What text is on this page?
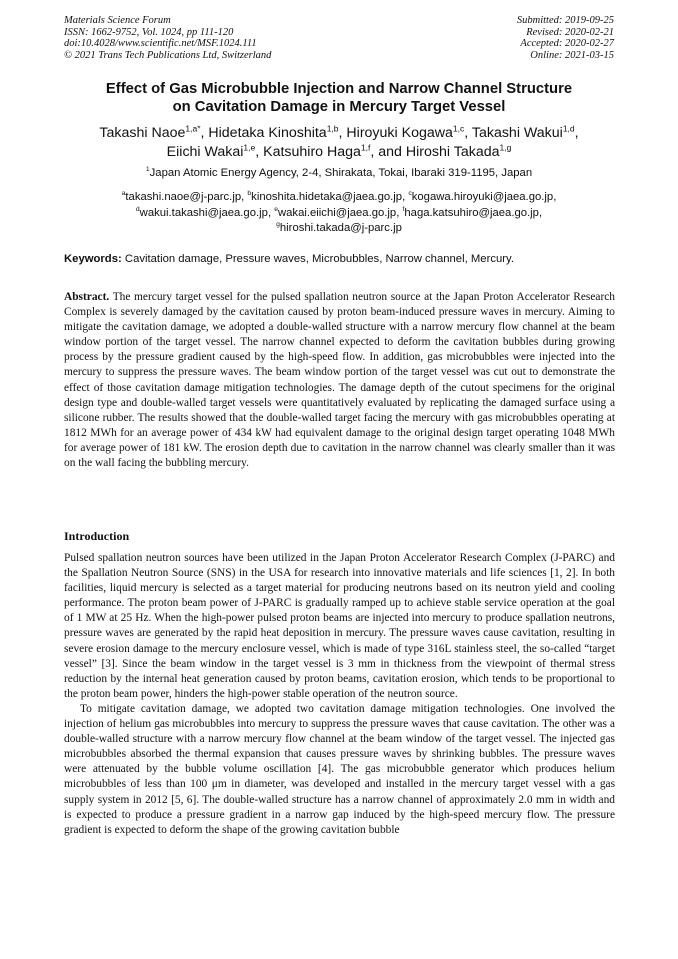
Materials Science Forum
ISSN: 1662-9752, Vol. 1024, pp 111-120
doi:10.4028/www.scientific.net/MSF.1024.111
© 2021 Trans Tech Publications Ltd, Switzerland
Submitted: 2019-09-25
Revised: 2020-02-21
Accepted: 2020-02-27
Online: 2021-03-15
Effect of Gas Microbubble Injection and Narrow Channel Structure
on Cavitation Damage in Mercury Target Vessel
Takashi Naoe$^{1,a*}$, Hidetaka Kinoshita$^{1,b}$, Hiroyuki Kogawa$^{1,c}$, Takashi Wakui$^{1,d}$,
Eiichi Wakai$^{1,e}$, Katsuhiro Haga$^{1,f}$, and Hiroshi Takada$^{1,g}$
$^1$Japan Atomic Energy Agency, 2-4, Shirakata, Tokai, Ibaraki 319-1195, Japan
$^a$takashi.naoe@j-parc.jp, $^b$kinoshita.hidetaka@jaea.go.jp, $^c$kogawa.hiroyuki@jaea.go.jp,
$^d$wakui.takashi@jaea.go.jp, $^e$wakai.eiichi@jaea.go.jp, $^f$haga.katsuhiro@jaea.go.jp,
$^g$hiroshi.takada@j-parc.jp
Keywords: Cavitation damage, Pressure waves, Microbubbles, Narrow channel, Mercury.
Abstract. The mercury target vessel for the pulsed spallation neutron source at the Japan Proton Accelerator Research Complex is severely damaged by the cavitation caused by proton beam-induced pressure waves in mercury. Aiming to mitigate the cavitation damage, we adopted a double-walled structure with a narrow mercury flow channel at the beam window portion of the target vessel. The narrow channel expected to deform the cavitation bubbles during growing process by the pressure gradient caused by the high-speed flow. In addition, gas microbubbles were injected into the mercury to suppress the pressure waves. The beam window portion of the target vessel was cut out to demonstrate the effect of those cavitation damage mitigation technologies. The damage depth of the cutout specimens for the original design type and double-walled target vessels were quantitatively evaluated by replicating the damaged surface using a silicone rubber. The results showed that the double-walled target facing the mercury with gas microbubbles operating at 1812 MWh for an average power of 434 kW had equivalent damage to the original design target operating 1048 MWh for average power of 181 kW. The erosion depth due to cavitation in the narrow channel was clearly smaller than it was on the wall facing the bubbling mercury.
Introduction

Pulsed spallation neutron sources have been utilized in the Japan Proton Accelerator Research Complex (J-PARC) and the Spallation Neutron Source (SNS) in the USA for research into innovative materials and life sciences [1, 2]. In both facilities, liquid mercury is selected as a target material for producing neutrons based on its neutron yield and cooling performance. The proton beam power of J-PARC is gradually ramped up to achieve stable service operation at the goal of 1 MW at 25 Hz. When the high-power pulsed proton beams are injected into mercury to produce spallation neutrons, pressure waves are generated by the rapid heat deposition in mercury. The pressure waves cause cavitation, resulting in severe erosion damage to the mercury enclosure vessel, which is made of type 316L stainless steel, the so-called “target vessel” [3]. Since the beam window in the target vessel is 3 mm in thickness from the viewpoint of thermal stress reduction by the internal heat generation caused by proton beams, cavitation erosion, which tends to be proportional to the proton beam power, hinders the high-power stable operation of the neutron source.

To mitigate cavitation damage, we adopted two cavitation damage mitigation technologies. One involved the injection of helium gas microbubbles into mercury to suppress the pressure waves that cause cavitation. The other was a double-walled structure with a narrow mercury flow channel at the beam window of the target vessel. The injected gas microbubbles absorbed the thermal expansion that causes pressure waves by shrinking bubbles. The pressure waves were attenuated by the bubble volume oscillation [4]. The gas microbubble generator which produces helium microbubbles of less than 100 μm in diameter, was developed and installed in the mercury target vessel with a gas supply system in 2012 [5, 6]. The double-walled structure has a narrow channel of approximately 2.0 mm in width and is expected to produce a pressure gradient in a narrow gap induced by the high-speed mercury flow. The pressure gradient is expected to deform the shape of the growing cavitation bubble
